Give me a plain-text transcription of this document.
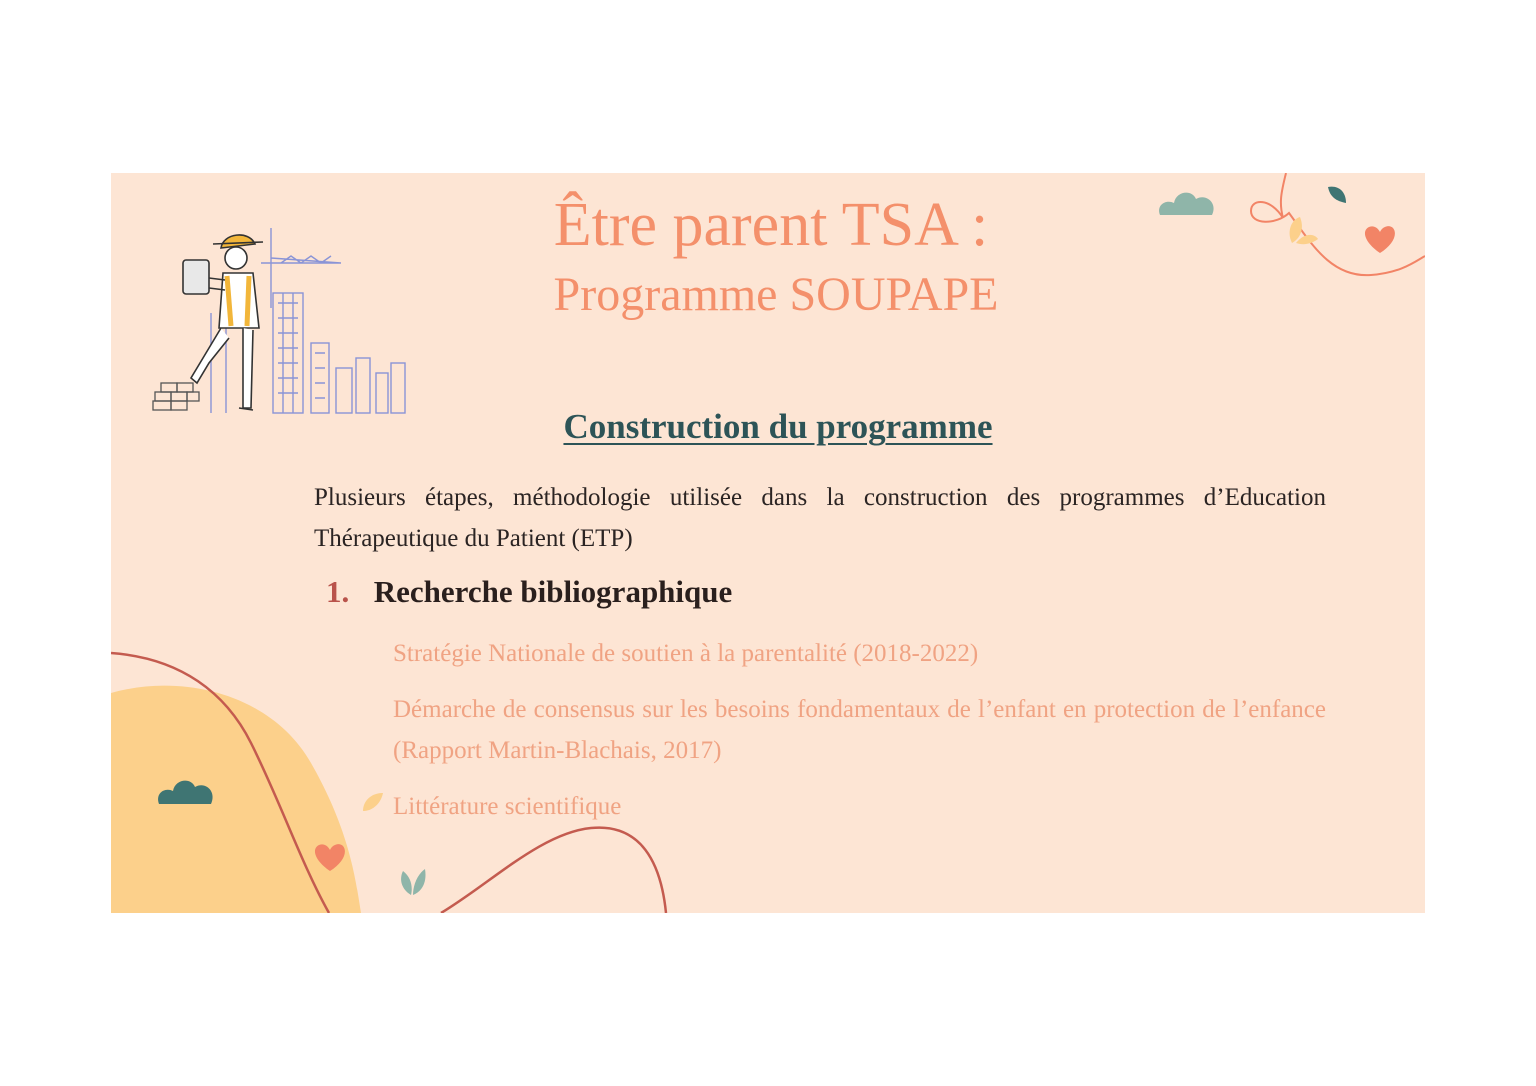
Être parent TSA :
Programme SOUPAPE
Construction du programme
Plusieurs étapes, méthodologie utilisée dans la construction des programmes d’Education Thérapeutique du Patient (ETP)
1. Recherche bibliographique
Stratégie Nationale de soutien à la parentalité (2018-2022)
Démarche de consensus sur les besoins fondamentaux de l’enfant en protection de l’enfance (Rapport Martin-Blachais, 2017)
Littérature scientifique
